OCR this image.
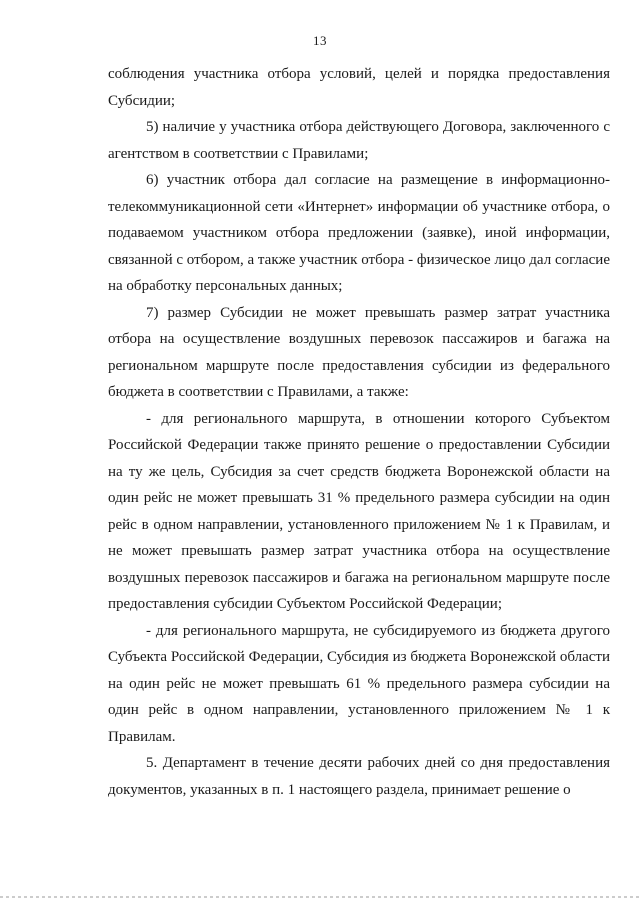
13

соблюдения участника отбора условий, целей и порядка предоставления Субсидии;

5) наличие у участника отбора действующего Договора, заключенного с агентством в соответствии с Правилами;

6) участник отбора дал согласие на размещение в информационно-телекоммуникационной сети «Интернет» информации об участнике отбора, о подаваемом участником отбора предложении (заявке), иной информации, связанной с отбором, а также участник отбора - физическое лицо дал согласие на обработку персональных данных;

7) размер Субсидии не может превышать размер затрат участника отбора на осуществление воздушных перевозок пассажиров и багажа на региональном маршруте после предоставления субсидии из федерального бюджета в соответствии с Правилами, а также:

- для регионального маршрута, в отношении которого Субъектом Российской Федерации также принято решение о предоставлении Субсидии на ту же цель, Субсидия за счет средств бюджета Воронежской области на один рейс не может превышать 31 % предельного размера субсидии на один рейс в одном направлении, установленного приложением № 1 к Правилам, и не может превышать размер затрат участника отбора на осуществление воздушных перевозок пассажиров и багажа на региональном маршруте после предоставления субсидии Субъектом Российской Федерации;

- для регионального маршрута, не субсидируемого из бюджета другого Субъекта Российской Федерации, Субсидия из бюджета Воронежской области на один рейс не может превышать 61 % предельного размера субсидии на один рейс в одном направлении, установленного приложением № 1 к Правилам.

5. Департамент в течение десяти рабочих дней со дня предоставления документов, указанных в п. 1 настоящего раздела, принимает решение о
